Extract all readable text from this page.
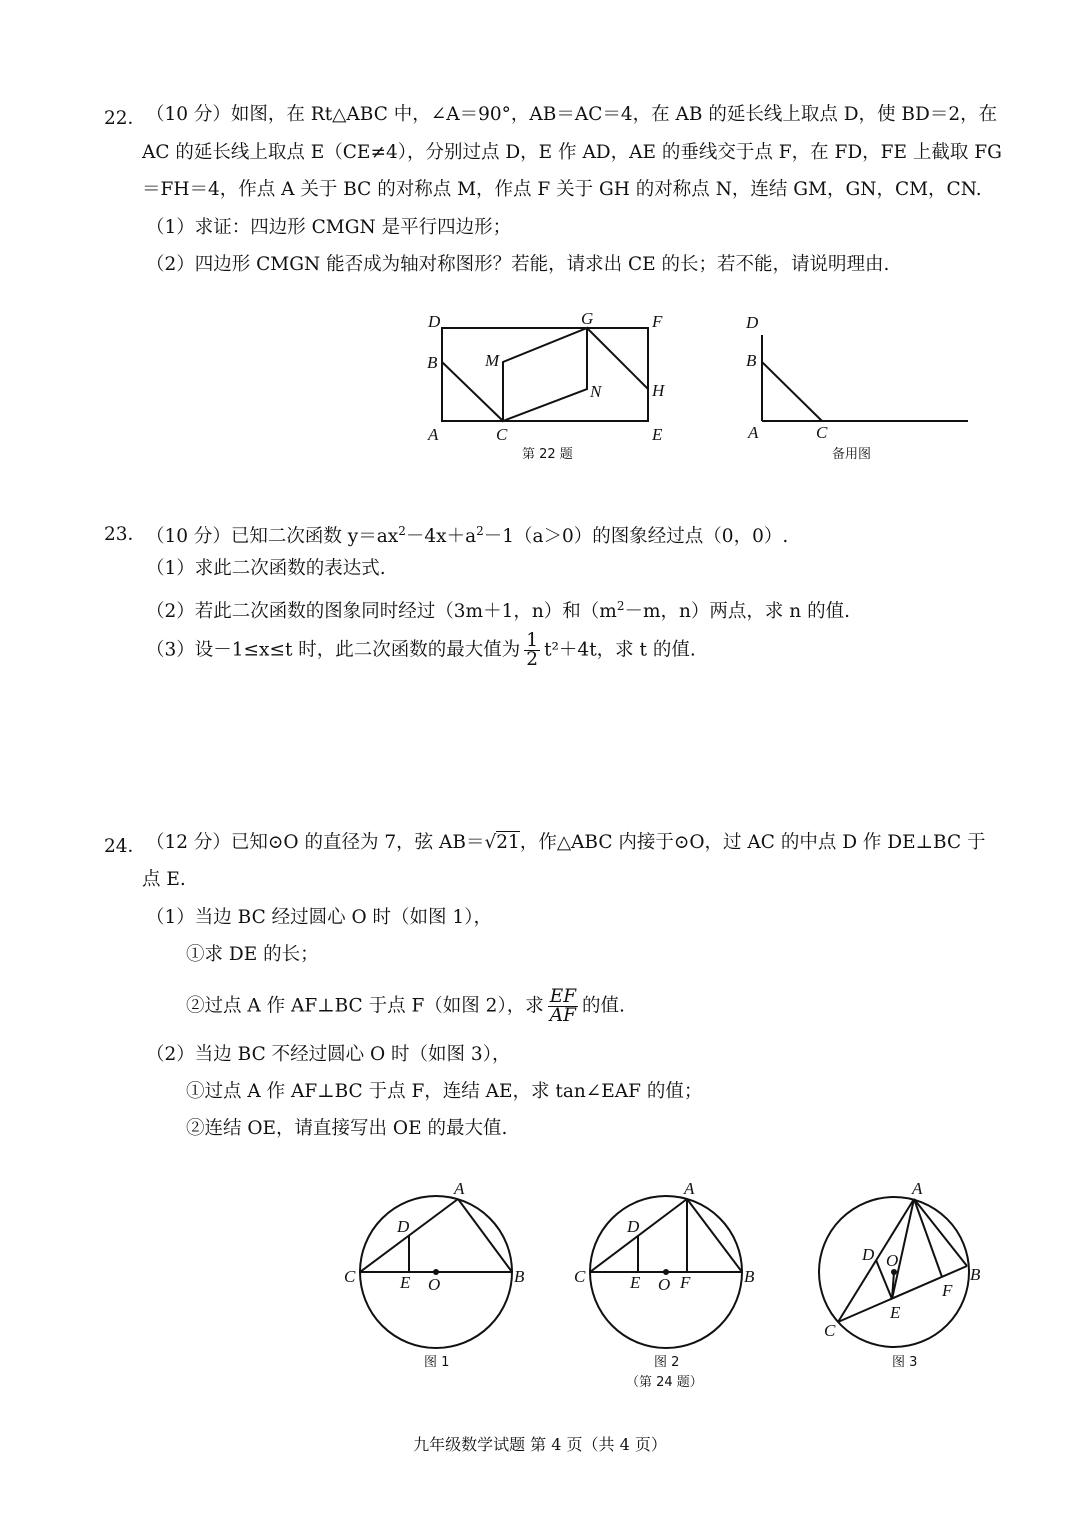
22． （10 分）如图，在 Rt△ABC 中，∠A＝90°，AB＝AC＝4，在 AB 的延长线上取点 D，使 BD＝2，在
AC 的延长线上取点 E（CE≠4），分别过点 D，E 作 AD，AE 的垂线交于点 F，在 FD，FE 上截取 FG
＝FH＝4，作点 A 关于 BC 的对称点 M，作点 F 关于 GH 的对称点 N，连结 GM，GN，CM，CN.
（1）求证：四边形 CMGN 是平行四边形；
（2）四边形 CMGN 能否成为轴对称图形？若能，请求出 CE 的长；若不能，请说明理由.
D	G	F
B	M
N	H
A	C	E
第 22 题
D
B
A	C
备用图
23． （10 分）已知二次函数 $y=ax^2-4x+a^2-1(a>0)$的图象经过点（0，0）.
（1）求此二次函数的表达式.
（2）若此二次函数的图象同时经过（3m＋1，n）和（$m^2-m$，n）两点，求 n 的值.
（3）设－1≤x≤t 时，此二次函数的最大值为 $\frac{1}{2} t^2+4t$，求 t 的值.
24． （12 分）已知⊙O 的直径为 7，弦 AB＝√21，作△ABC 内接于⊙O，过 AC 的中点 D 作 DE⊥BC 于
点 E.
（1）当边 BC 经过圆心 O 时（如图 1），
①求 DE 的长；
②过点 A 作 AF⊥BC 于点 F（如图 2），求 $\frac{EF}{AF}$ 的值.
（2）当边 BC 不经过圆心 O 时（如图 3），
①过点 A 作 AF⊥BC 于点 F，连结 AE，求 tan∠EAF 的值；
②连结 OE，请直接写出 OE 的最大值.
A
D
C	E O	B
图 1
A
D
C	E O F	B
图 2
（第 24 题）
A
D O
B
F
E
C
图 3
九年级数学试题 第 4 页（共 4 页）
